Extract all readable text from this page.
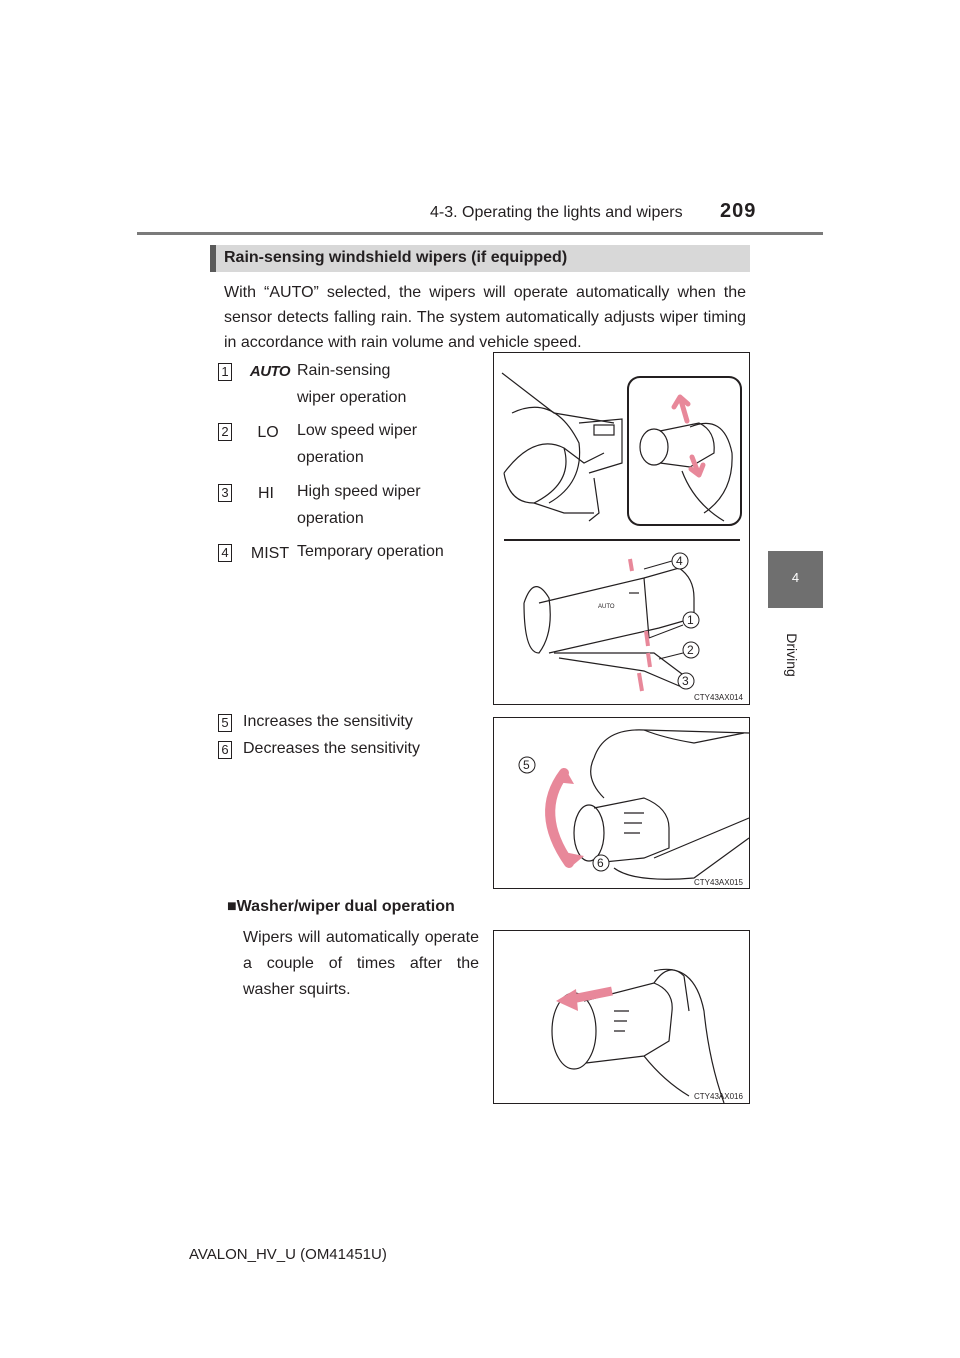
4-3. Operating the lights and wipers 209
4
Driving
Rain-sensing windshield wipers (if equipped)
With “AUTO” selected, the wipers will operate automatically when the sensor detects falling rain. The system automatically adjusts wiper timing in accordance with rain volume and vehicle speed.
1	AUTO Rain-sensing
wiper operation
2	LO	Low speed wiper
operation
3	HI	High speed wiper
operation
4	MIST Temporary operation
AUTO
4
1
2
3
CTY43AX014
5 Increases the sensitivity
6 Decreases the sensitivity
5
6
CTY43AX015
■Washer/wiper dual operation
Wipers will automatically operate a couple of times after the washer squirts.
CTY43AX016
AVALON_HV_U (OM41451U)
